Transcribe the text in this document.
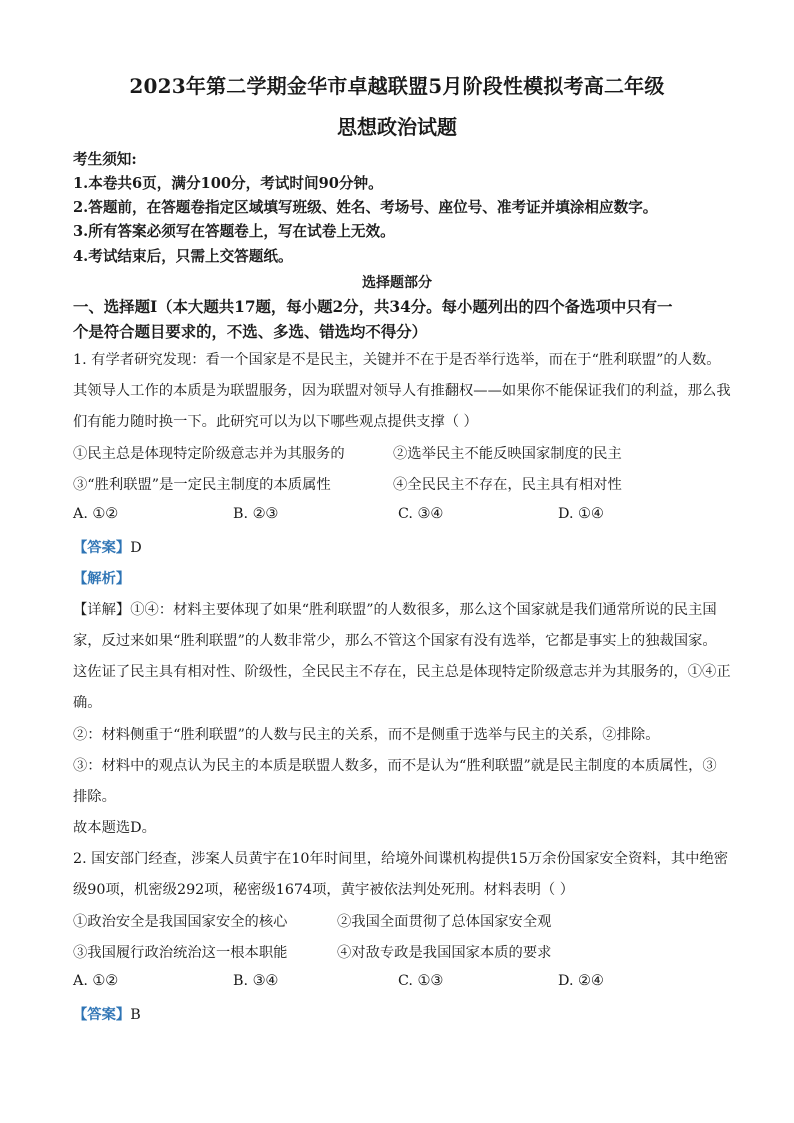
2023年第二学期金华市卓越联盟5月阶段性模拟考高二年级
思想政治试题
考生须知:
1.本卷共6页，满分100分，考试时间90分钟。
2.答题前，在答题卷指定区域填写班级、姓名、考场号、座位号、准考证并填涂相应数字。
3.所有答案必须写在答题卷上，写在试卷上无效。
4.考试结束后，只需上交答题纸。
选择题部分
一、选择题Ⅰ（本大题共17题，每小题2分，共34分。每小题列出的四个备选项中只有一
个是符合题目要求的，不选、多选、错选均不得分）
1. 有学者研究发现：看一个国家是不是民主，关键并不在于是否举行选举，而在于“胜利联盟”的人数。
其领导人工作的本质是为联盟服务，因为联盟对领导人有推翻权——如果你不能保证我们的利益，那么我
们有能力随时换一下。此研究可以为以下哪些观点提供支撑（ ）
①民主总是体现特定阶级意志并为其服务的	②选举民主不能反映国家制度的民主
③“胜利联盟”是一定民主制度的本质属性	④全民民主不存在，民主具有相对性
A. ①②	B. ②③	C. ③④	D. ①④
【答案】D
【解析】
【详解】①④：材料主要体现了如果“胜利联盟”的人数很多，那么这个国家就是我们通常所说的民主国
家，反过来如果“胜利联盟”的人数非常少，那么不管这个国家有没有选举，它都是事实上的独裁国家。
这佐证了民主具有相对性、阶级性，全民民主不存在，民主总是体现特定阶级意志并为其服务的，①④正
确。
②：材料侧重于“胜利联盟”的人数与民主的关系，而不是侧重于选举与民主的关系，②排除。
③：材料中的观点认为民主的本质是联盟人数多，而不是认为“胜利联盟”就是民主制度的本质属性，③
排除。
故本题选D。
2. 国安部门经查，涉案人员黄宇在10年时间里，给境外间谍机构提供15万余份国家安全资料，其中绝密
级90项，机密级292项，秘密级1674项，黄宇被依法判处死刑。材料表明（ ）
①政治安全是我国国家安全的核心	②我国全面贯彻了总体国家安全观
③我国履行政治统治这一根本职能	④对敌专政是我国国家本质的要求
A. ①②	B. ③④	C. ①③	D. ②④
【答案】B
